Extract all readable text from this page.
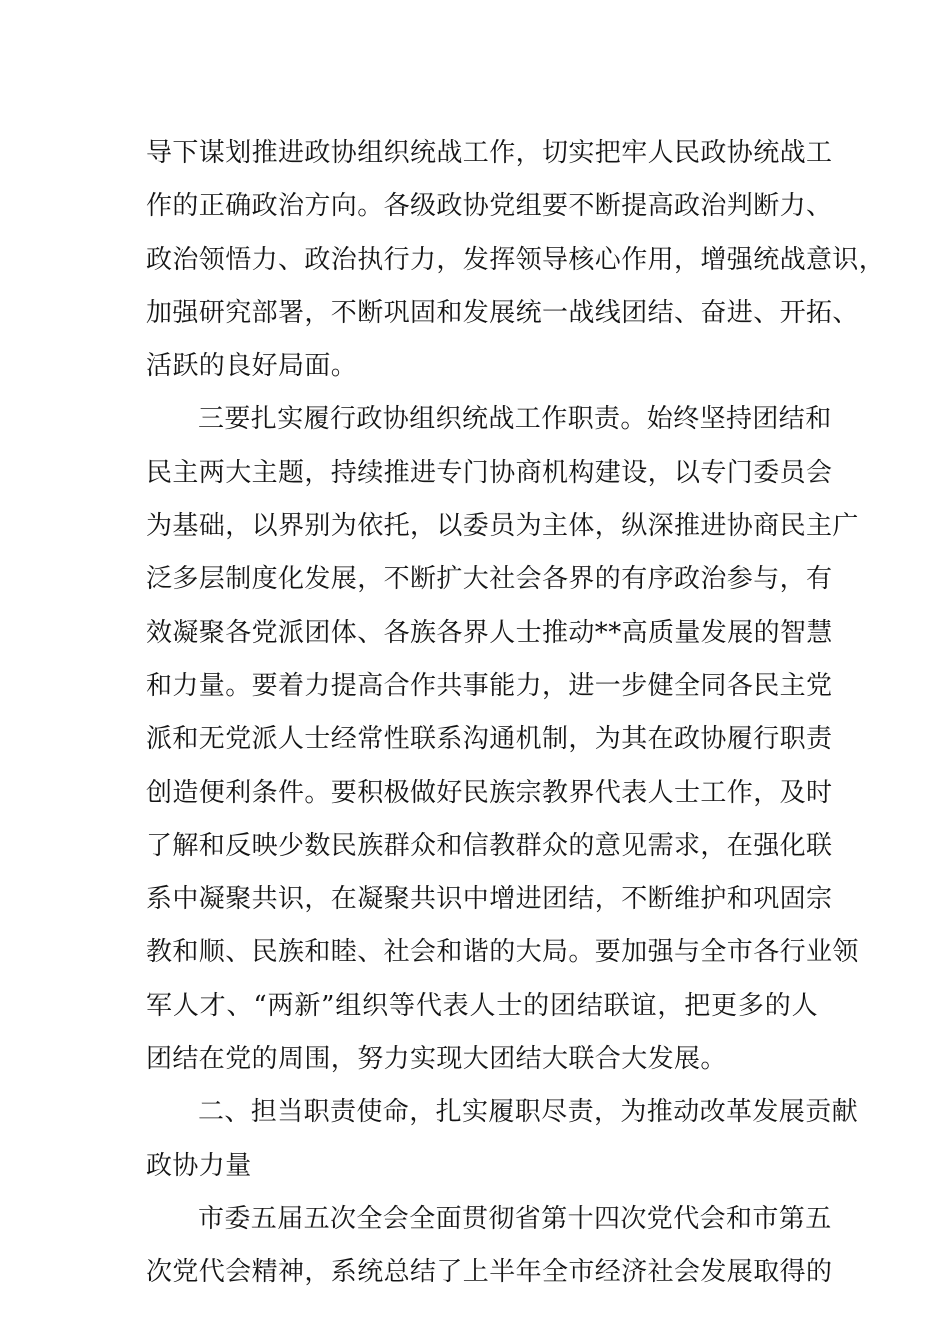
导下谋划推进政协组织统战工作，切实把牢人民政协统战工
作的正确政治方向。各级政协党组要不断提高政治判断力、
政治领悟力、政治执行力，发挥领导核心作用，增强统战意识，
加强研究部署，不断巩固和发展统一战线团结、奋进、开拓、
活跃的良好局面。
三要扎实履行政协组织统战工作职责。始终坚持团结和
民主两大主题，持续推进专门协商机构建设，以专门委员会
为基础，以界别为依托，以委员为主体，纵深推进协商民主广
泛多层制度化发展，不断扩大社会各界的有序政治参与，有
效凝聚各党派团体、各族各界人士推动**高质量发展的智慧
和力量。要着力提高合作共事能力，进一步健全同各民主党
派和无党派人士经常性联系沟通机制，为其在政协履行职责
创造便利条件。要积极做好民族宗教界代表人士工作，及时
了解和反映少数民族群众和信教群众的意见需求，在强化联
系中凝聚共识，在凝聚共识中增进团结，不断维护和巩固宗
教和顺、民族和睦、社会和谐的大局。要加强与全市各行业领
军人才、“两新”组织等代表人士的团结联谊，把更多的人
团结在党的周围，努力实现大团结大联合大发展。
二、担当职责使命，扎实履职尽责，为推动改革发展贡献
政协力量
市委五届五次全会全面贯彻省第十四次党代会和市第五
次党代会精神，系统总结了上半年全市经济社会发展取得的
